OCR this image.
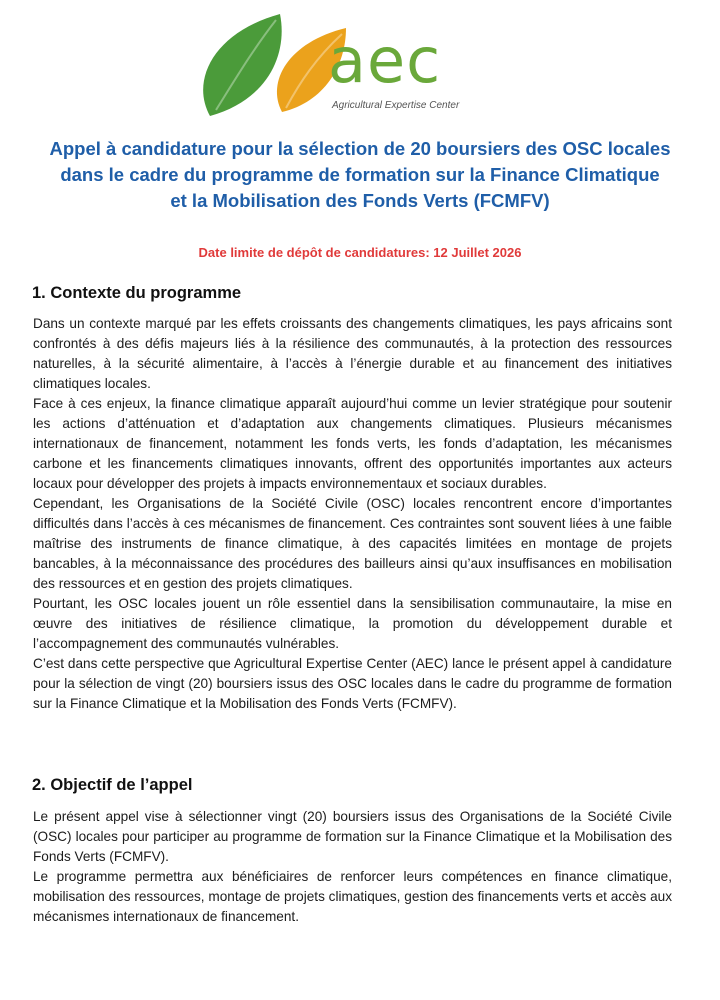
aec
Agricultural Expertise Center
Appel à candidature pour la sélection de 20 boursiers des OSC locales
dans le cadre du programme de formation sur la Finance Climatique
et la Mobilisation des Fonds Verts (FCMFV)
Date limite de dépôt de candidatures: 12 Juillet 2026
1. Contexte du programme

Dans un contexte marqué par les effets croissants des changements climatiques, les pays africains sont confrontés à des défis majeurs liés à la résilience des communautés, à la protection des ressources naturelles, à la sécurité alimentaire, à l’accès à l’énergie durable et au financement des initiatives climatiques locales.

Face à ces enjeux, la finance climatique apparaît aujourd’hui comme un levier stratégique pour soutenir les actions d’atténuation et d’adaptation aux changements climatiques. Plusieurs mécanismes internationaux de financement, notamment les fonds verts, les fonds d’adaptation, les mécanismes carbone et les financements climatiques innovants, offrent des opportunités importantes aux acteurs locaux pour développer des projets à impacts environnementaux et sociaux durables.

Cependant, les Organisations de la Société Civile (OSC) locales rencontrent encore d’importantes difficultés dans l’accès à ces mécanismes de financement. Ces contraintes sont souvent liées à une faible maîtrise des instruments de finance climatique, à des capacités limitées en montage de projets bancables, à la méconnaissance des procédures des bailleurs ainsi qu’aux insuffisances en mobilisation des ressources et en gestion des projets climatiques.

Pourtant, les OSC locales jouent un rôle essentiel dans la sensibilisation communautaire, la mise en œuvre des initiatives de résilience climatique, la promotion du développement durable et l’accompagnement des communautés vulnérables.

C’est dans cette perspective que Agricultural Expertise Center (AEC) lance le présent appel à candidature pour la sélection de vingt (20) boursiers issus des OSC locales dans le cadre du programme de formation sur la Finance Climatique et la Mobilisation des Fonds Verts (FCMFV).

2. Objectif de l’appel

Le présent appel vise à sélectionner vingt (20) boursiers issus des Organisations de la Société Civile (OSC) locales pour participer au programme de formation sur la Finance Climatique et la Mobilisation des Fonds Verts (FCMFV).

Le programme permettra aux bénéficiaires de renforcer leurs compétences en finance climatique, mobilisation des ressources, montage de projets climatiques, gestion des financements verts et accès aux mécanismes internationaux de financement.
